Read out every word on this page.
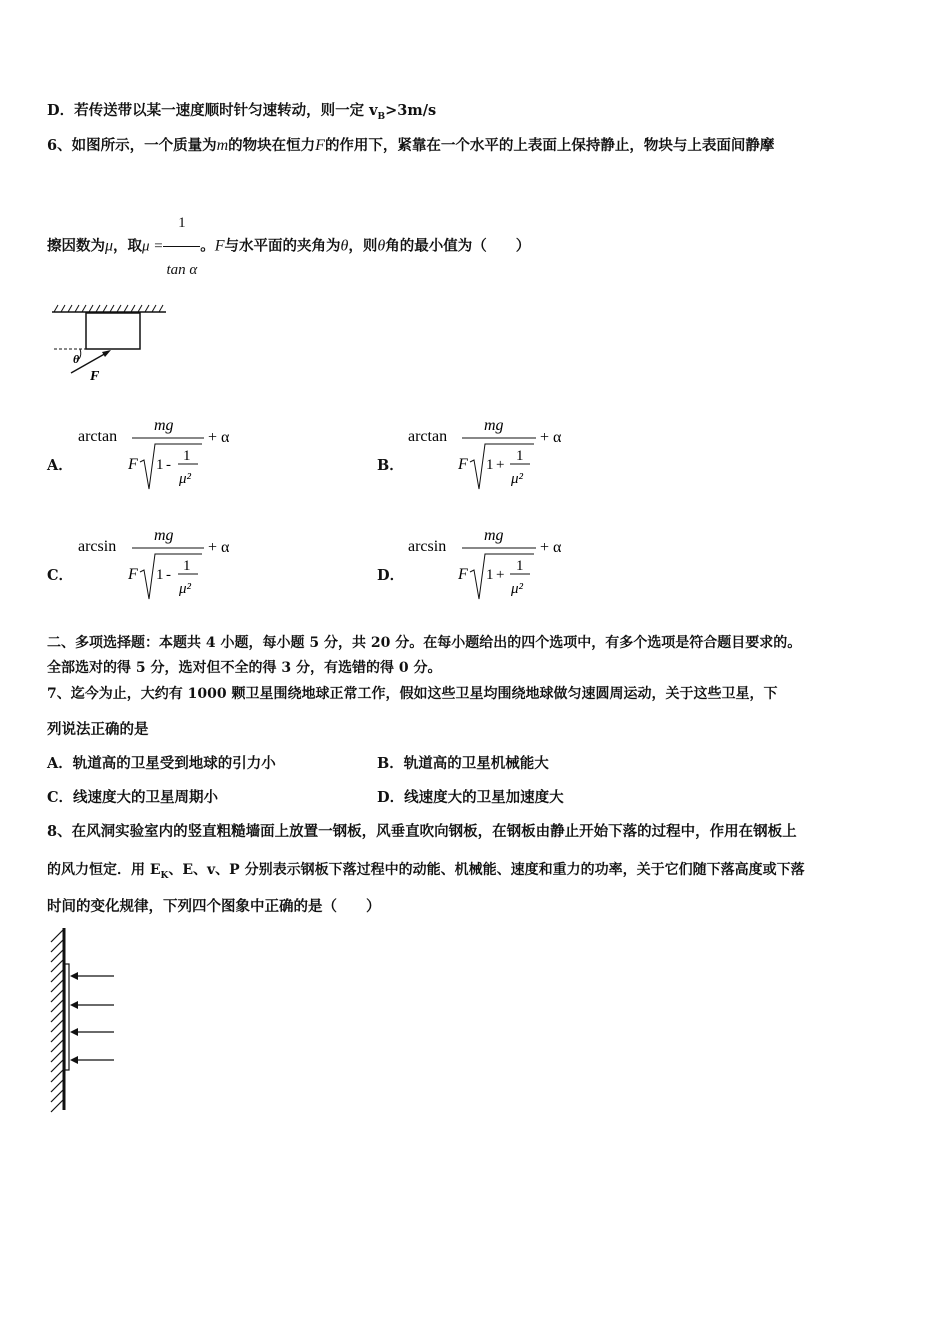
D．若传送带以某一速度顺时针匀速转动，则一定 $v_B>3m/s$
6、如图所示，一个质量为m的物块在恒力F的作用下，紧靠在一个水平的上表面上保持静止，物块与上表面间静摩
擦因数为μ，取$\mu = \frac{1}{\text{tan α}}$ 。F与水平面的夹角为θ，则θ角的最小值为（　　）
θ
F
A．
arctan
mg
+ α
F 1 -
1
μ²
B．
arctan
mg
+ α
F 1 +
1
μ²
C．
arcsin
mg
+ α
F 1 -
1
μ²
D．
arcsin
mg
+ α
F 1 +
1
μ²
二、多项选择题：本题共 4 小题，每小题 5 分，共 20 分。在每小题给出的四个选项中，有多个选项是符合题目要求的。
全部选对的得 5 分，选对但不全的得 3 分，有选错的得 0 分。
7、迄今为止，大约有 1000 颗卫星围绕地球正常工作，假如这些卫星均围绕地球做匀速圆周运动，关于这些卫星，下
列说法正确的是
A．轨道高的卫星受到地球的引力小	B．轨道高的卫星机械能大
C．线速度大的卫星周期小	D．线速度大的卫星加速度大
8、在风洞实验室内的竖直粗糙墙面上放置一钢板，风垂直吹向钢板，在钢板由静止开始下落的过程中，作用在钢板上
的风力恒定．用 $E_K$、E、v、P 分别表示钢板下落过程中的动能、机械能、速度和重力的功率，关于它们随下落高度或下落
时间的变化规律，下列四个图象中正确的是（　　）
